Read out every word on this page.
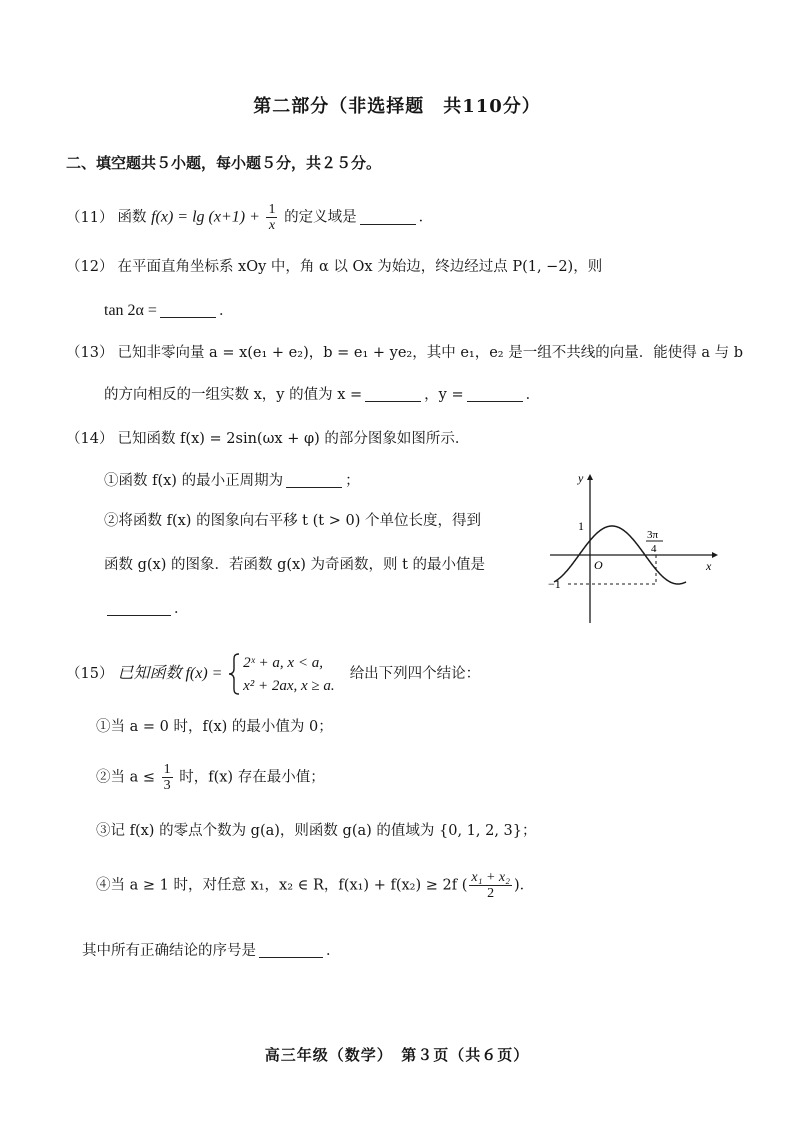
第二部分（非选择题　共110分）
二、填空题共５小题，每小题５分，共２５分。
（11） 函数 $f(x) = \lg (x+1) + \frac{1}{x}$ 的定义域是	．
（12） 在平面直角坐标系 xOy 中，角 α 以 Ox 为始边，终边经过点 P(1, −2)，则
tan 2α =	．
（13） 已知非零向量 a = x(e₁ + e₂)，b = e₁ + ye₂，其中 e₁，e₂ 是一组不共线的向量．能使得 a 与 b
的方向相反的一组实数 x，y 的值为 x =	，y =	．
（14） 已知函数 f(x) = 2sin(ωx + φ) 的部分图象如图所示．
①函数 f(x) 的最小正周期为	；
②将函数 f(x) 的图象向右平移 t (t > 0) 个单位长度，得到
函数 g(x) 的图象．若函数 g(x) 为奇函数，则 t 的最小值是
．
y
x
O
1
−1
3π
4
（15） 已知函数 f(x) =
2ˣ + a, x < a,
x² + 2ax, x ≥ a.
给出下列四个结论：
①当 a = 0 时，f(x) 的最小值为 0；
②当 $a \le \frac{1}{3}$ 时，f(x) 存在最小值；
③记 f(x) 的零点个数为 g(a)，则函数 g(a) 的值域为 {0, 1, 2, 3}；
④当 a ≥ 1 时，对任意 x₁，x₂ ∈ R，f(x₁) + f(x₂) ≥ 2f ( $\frac{\text{x₁ + x₂}}{2}$ )．
其中所有正确结论的序号是	．
高三年级（数学）　第３页（共６页）
